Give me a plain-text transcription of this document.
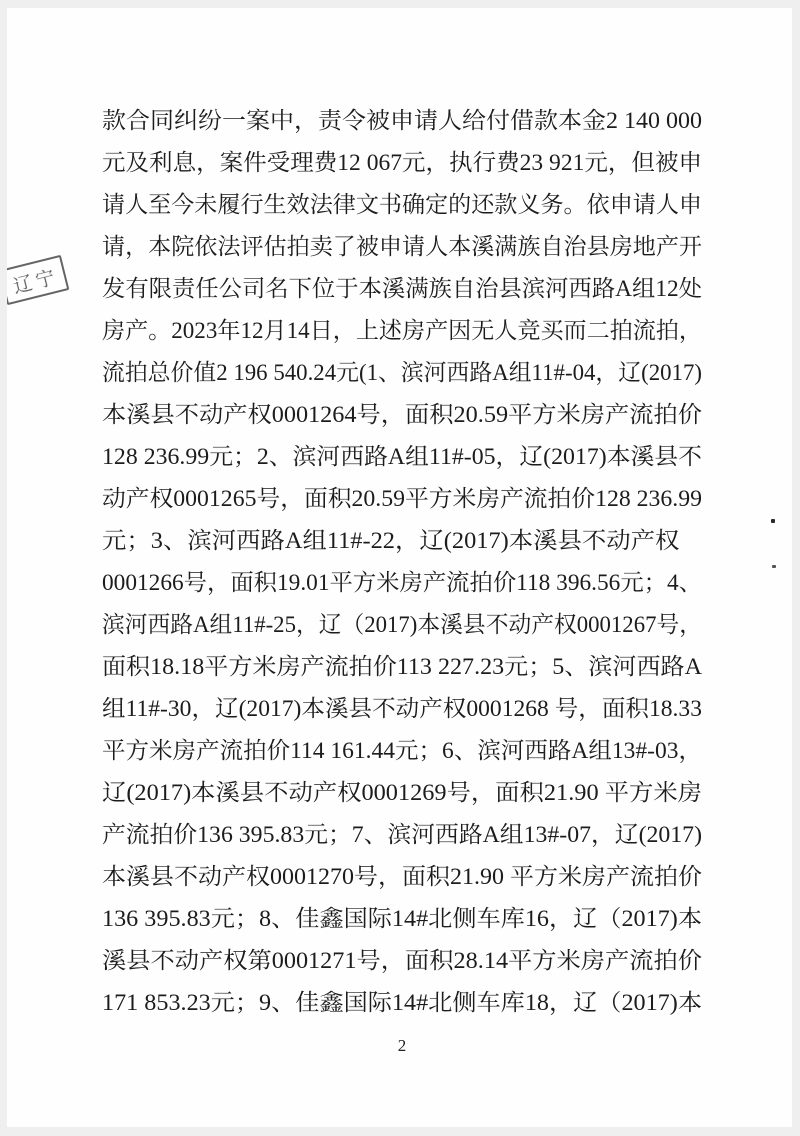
辽宁
款合同纠纷一案中，责令被申请人给付借款本金2 140 000
元及利息，案件受理费12 067元，执行费23 921元，但被申
请人至今未履行生效法律文书确定的还款义务。依申请人申
请，本院依法评估拍卖了被申请人本溪满族自治县房地产开
发有限责任公司名下位于本溪满族自治县滨河西路A组12处
房产。2023年12月14日，上述房产因无人竞买而二拍流拍，
流拍总价值2 196 540.24元(1、滨河西路A组11#-04，辽(2017)
本溪县不动产权0001264号，面积20.59平方米房产流拍价
128 236.99元；2、滨河西路A组11#-05，辽(2017)本溪县不
动产权0001265号，面积20.59平方米房产流拍价128 236.99
元；3、滨河西路A组11#-22，辽(2017)本溪县不动产权
0001266号，面积19.01平方米房产流拍价118 396.56元；4、
滨河西路A组11#-25，辽（2017)本溪县不动产权0001267号，
面积18.18平方米房产流拍价113 227.23元；5、滨河西路A
组11#-30，辽(2017)本溪县不动产权0001268 号，面积18.33
平方米房产流拍价114 161.44元；6、滨河西路A组13#-03，
辽(2017)本溪县不动产权0001269号，面积21.90 平方米房
产流拍价136 395.83元；7、滨河西路A组13#-07，辽(2017)
本溪县不动产权0001270号，面积21.90 平方米房产流拍价
136 395.83元；8、佳鑫国际14#北侧车库16，辽（2017)本
溪县不动产权第0001271号，面积28.14平方米房产流拍价
171 853.23元；9、佳鑫国际14#北侧车库18，辽（2017)本
2
